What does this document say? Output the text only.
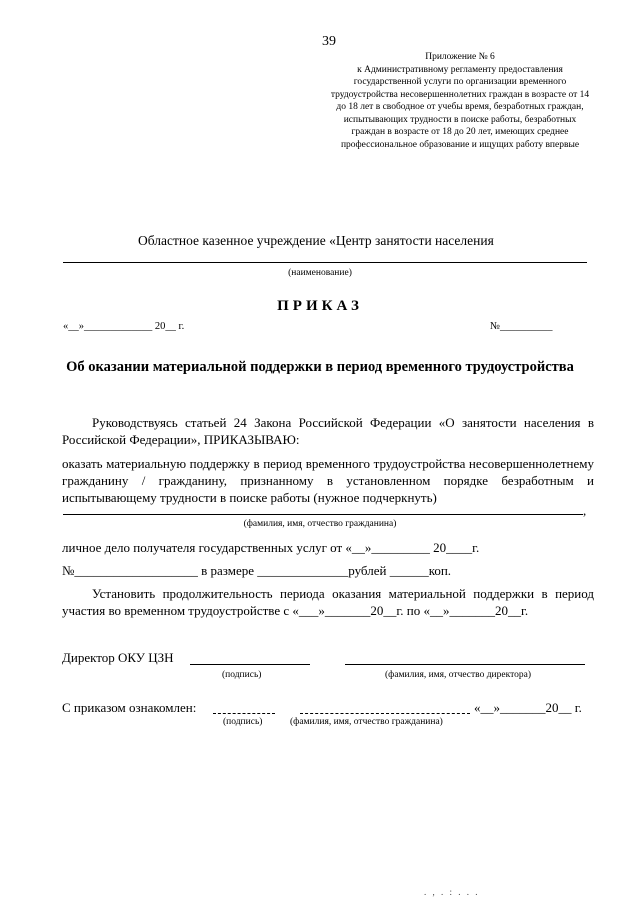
39
Приложение № 6
к Административному регламенту предоставления государственной услуги по организации временного трудоустройства несовершеннолетних граждан в возрасте от 14 до 18 лет в свободное от учебы время, безработных граждан, испытывающих трудности в поиске работы, безработных граждан в возрасте от 18 до 20 лет, имеющих среднее профессиональное образование и ищущих работу впервые
Областное казенное учреждение «Центр занятости населения
(наименование)
ПРИКАЗ
«__»_____________ 20__ г.	№__________
Об оказании материальной поддержки в период временного трудоустройства
Руководствуясь статьей 24 Закона Российской Федерации «О занятости населения в Российской Федерации», ПРИКАЗЫВАЮ:
оказать материальную поддержку в период временного трудоустройства несовершеннолетнему гражданину / гражданину, признанному в установленном порядке безработным и испытывающему трудности в поиске работы (нужное подчеркнуть)
,
(фамилия, имя, отчество гражданина)
личное дело получателя государственных услуг от «__»_________ 20____г.
№___________________ в размере ______________рублей ______коп.
Установить продолжительность периода оказания материальной поддержки в период участия во временном трудоустройстве с «___»_______20__г. по «__»_______20__г.
Директор ОКУ ЦЗН
(подпись)	(фамилия, имя, отчество директора)
С приказом ознакомлен:	«__»_______20__ г.
(подпись)	(фамилия, имя, отчество гражданина)
. , . : . . .
